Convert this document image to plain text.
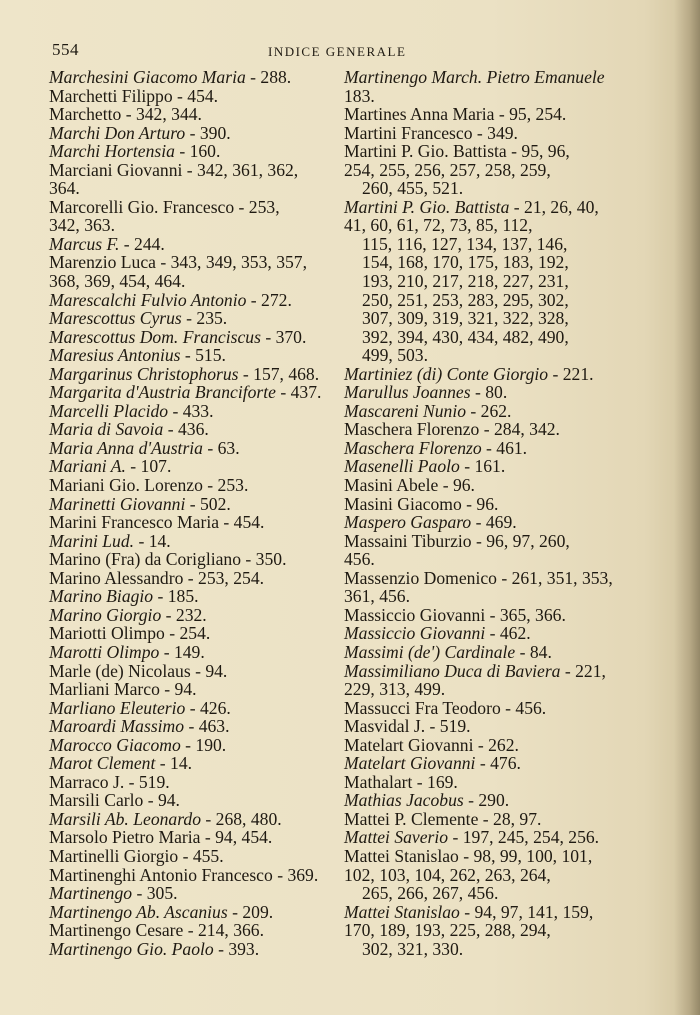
554	INDICE GENERALE
Marchesini Giacomo Maria - 288.
Marchetti Filippo - 454.
Marchetto - 342, 344.
Marchi Don Arturo - 390.
Marchi Hortensia - 160.
Marciani Giovanni - 342, 361, 362,
364.
Marcorelli Gio. Francesco - 253,
342, 363.
Marcus F. - 244.
Marenzio Luca - 343, 349, 353, 357,
368, 369, 454, 464.
Marescalchi Fulvio Antonio - 272.
Marescottus Cyrus - 235.
Marescottus Dom. Franciscus - 370.
Maresius Antonius - 515.
Margarinus Christophorus - 157, 468.
Margarita d'Austria Branciforte - 437.
Marcelli Placido - 433.
Maria di Savoia - 436.
Maria Anna d'Austria - 63.
Mariani A. - 107.
Mariani Gio. Lorenzo - 253.
Marinetti Giovanni - 502.
Marini Francesco Maria - 454.
Marini Lud. - 14.
Marino (Fra) da Corigliano - 350.
Marino Alessandro - 253, 254.
Marino Biagio - 185.
Marino Giorgio - 232.
Mariotti Olimpo - 254.
Marotti Olimpo - 149.
Marle (de) Nicolaus - 94.
Marliani Marco - 94.
Marliano Eleuterio - 426.
Maroardi Massimo - 463.
Marocco Giacomo - 190.
Marot Clement - 14.
Marraco J. - 519.
Marsili Carlo - 94.
Marsili Ab. Leonardo - 268, 480.
Marsolo Pietro Maria - 94, 454.
Martinelli Giorgio - 455.
Martinenghi Antonio Francesco - 369.
Martinengo - 305.
Martinengo Ab. Ascanius - 209.
Martinengo Cesare - 214, 366.
Martinengo Gio. Paolo - 393.
Martinengo March. Pietro Emanuele
183.
Martines Anna Maria - 95, 254.
Martini Francesco - 349.
Martini P. Gio. Battista - 95, 96,
254, 255, 256, 257, 258, 259,
260, 455, 521.
Martini P. Gio. Battista - 21, 26, 40,
41, 60, 61, 72, 73, 85, 112,
115, 116, 127, 134, 137, 146,
154, 168, 170, 175, 183, 192,
193, 210, 217, 218, 227, 231,
250, 251, 253, 283, 295, 302,
307, 309, 319, 321, 322, 328,
392, 394, 430, 434, 482, 490,
499, 503.
Martiniez (di) Conte Giorgio - 221.
Marullus Joannes - 80.
Mascareni Nunio - 262.
Maschera Florenzo - 284, 342.
Maschera Florenzo - 461.
Masenelli Paolo - 161.
Masini Abele - 96.
Masini Giacomo - 96.
Maspero Gasparo - 469.
Massaini Tiburzio - 96, 97, 260,
456.
Massenzio Domenico - 261, 351, 353,
361, 456.
Massiccio Giovanni - 365, 366.
Massiccio Giovanni - 462.
Massimi (de') Cardinale - 84.
Massimiliano Duca di Baviera - 221,
229, 313, 499.
Massucci Fra Teodoro - 456.
Masvidal J. - 519.
Matelart Giovanni - 262.
Matelart Giovanni - 476.
Mathalart - 169.
Mathias Jacobus - 290.
Mattei P. Clemente - 28, 97.
Mattei Saverio - 197, 245, 254, 256.
Mattei Stanislao - 98, 99, 100, 101,
102, 103, 104, 262, 263, 264,
265, 266, 267, 456.
Mattei Stanislao - 94, 97, 141, 159,
170, 189, 193, 225, 288, 294,
302, 321, 330.
